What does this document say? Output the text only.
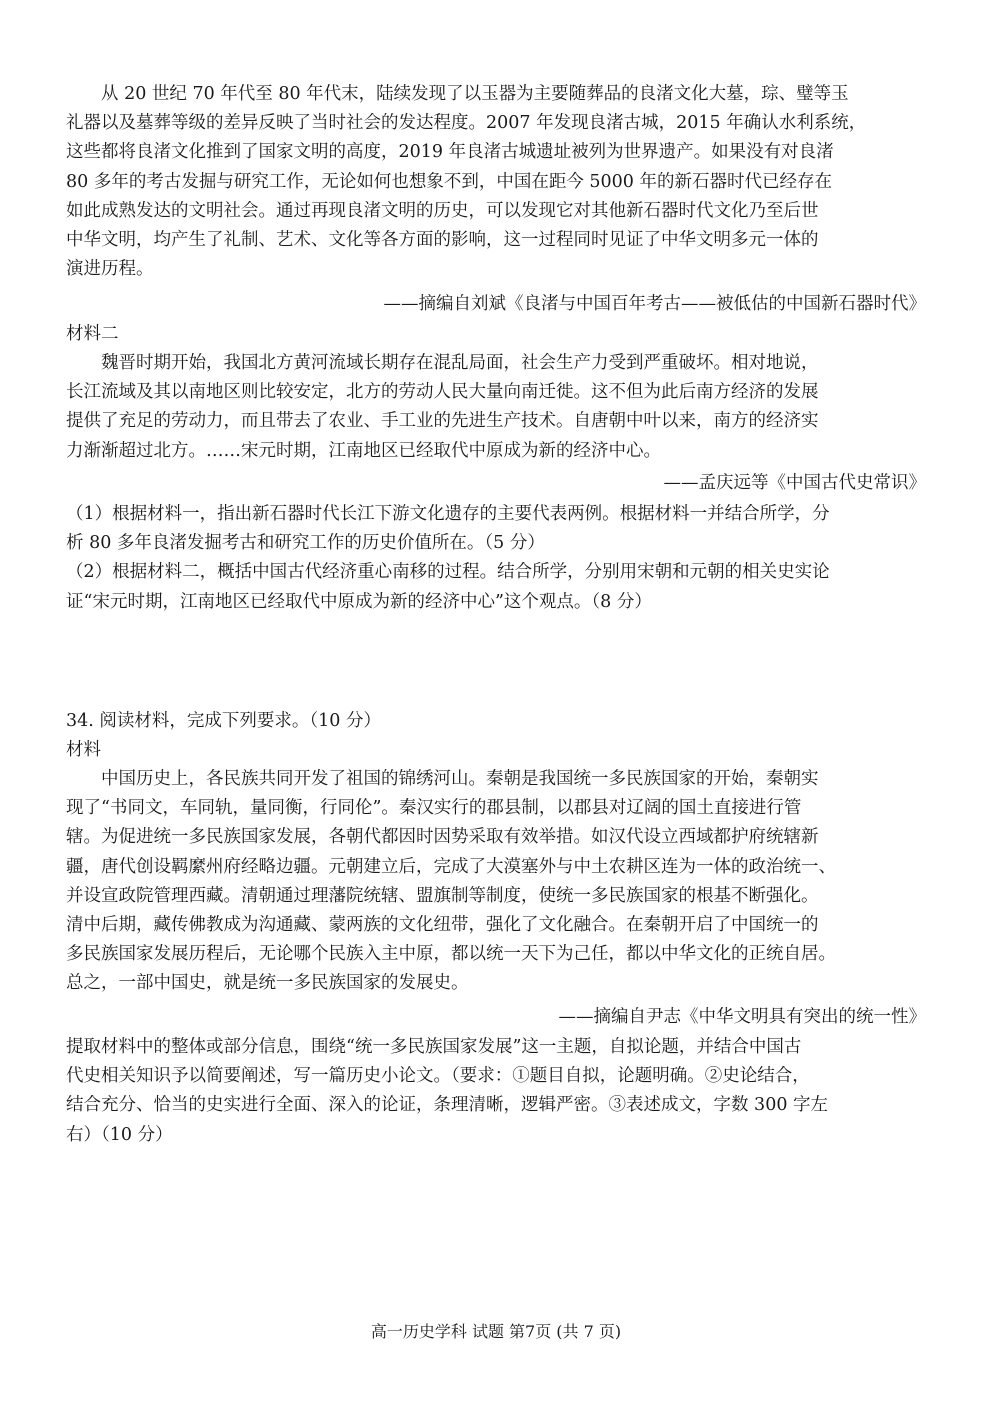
从 20 世纪 70 年代至 80 年代末，陆续发现了以玉器为主要随葬品的良渚文化大墓，琮、璧等玉
礼器以及墓葬等级的差异反映了当时社会的发达程度。2007 年发现良渚古城，2015 年确认水利系统，
这些都将良渚文化推到了国家文明的高度，2019 年良渚古城遗址被列为世界遗产。如果没有对良渚
80 多年的考古发掘与研究工作，无论如何也想象不到，中国在距今 5000 年的新石器时代已经存在
如此成熟发达的文明社会。通过再现良渚文明的历史，可以发现它对其他新石器时代文化乃至后世
中华文明，均产生了礼制、艺术、文化等各方面的影响，这一过程同时见证了中华文明多元一体的
演进历程。
——摘编自刘斌《良渚与中国百年考古——被低估的中国新石器时代》
材料二
魏晋时期开始，我国北方黄河流域长期存在混乱局面，社会生产力受到严重破坏。相对地说，
长江流域及其以南地区则比较安定，北方的劳动人民大量向南迁徙。这不但为此后南方经济的发展
提供了充足的劳动力，而且带去了农业、手工业的先进生产技术。自唐朝中叶以来，南方的经济实
力渐渐超过北方。……宋元时期，江南地区已经取代中原成为新的经济中心。
——孟庆远等《中国古代史常识》
（1）根据材料一，指出新石器时代长江下游文化遗存的主要代表两例。根据材料一并结合所学，分
析 80 多年良渚发掘考古和研究工作的历史价值所在。（5 分）
（2）根据材料二，概括中国古代经济重心南移的过程。结合所学，分别用宋朝和元朝的相关史实论
证“宋元时期，江南地区已经取代中原成为新的经济中心”这个观点。（8 分）
34. 阅读材料，完成下列要求。（10 分）
材料
中国历史上，各民族共同开发了祖国的锦绣河山。秦朝是我国统一多民族国家的开始，秦朝实
现了“书同文，车同轨，量同衡，行同伦”。秦汉实行的郡县制，以郡县对辽阔的国土直接进行管
辖。为促进统一多民族国家发展，各朝代都因时因势采取有效举措。如汉代设立西域都护府统辖新
疆，唐代创设羁縻州府经略边疆。元朝建立后，完成了大漠塞外与中土农耕区连为一体的政治统一、
并设宣政院管理西藏。清朝通过理藩院统辖、盟旗制等制度，使统一多民族国家的根基不断强化。
清中后期，藏传佛教成为沟通藏、蒙两族的文化纽带，强化了文化融合。在秦朝开启了中国统一的
多民族国家发展历程后，无论哪个民族入主中原，都以统一天下为己任，都以中华文化的正统自居。
总之，一部中国史，就是统一多民族国家的发展史。
——摘编自尹志《中华文明具有突出的统一性》
提取材料中的整体或部分信息，围绕“统一多民族国家发展”这一主题，自拟论题，并结合中国古
代史相关知识予以简要阐述，写一篇历史小论文。（要求：①题目自拟，论题明确。②史论结合，
结合充分、恰当的史实进行全面、深入的论证，条理清晰，逻辑严密。③表述成文，字数 300 字左
右）（10 分）
高一历史学科 试题 第7页 (共 7 页)
